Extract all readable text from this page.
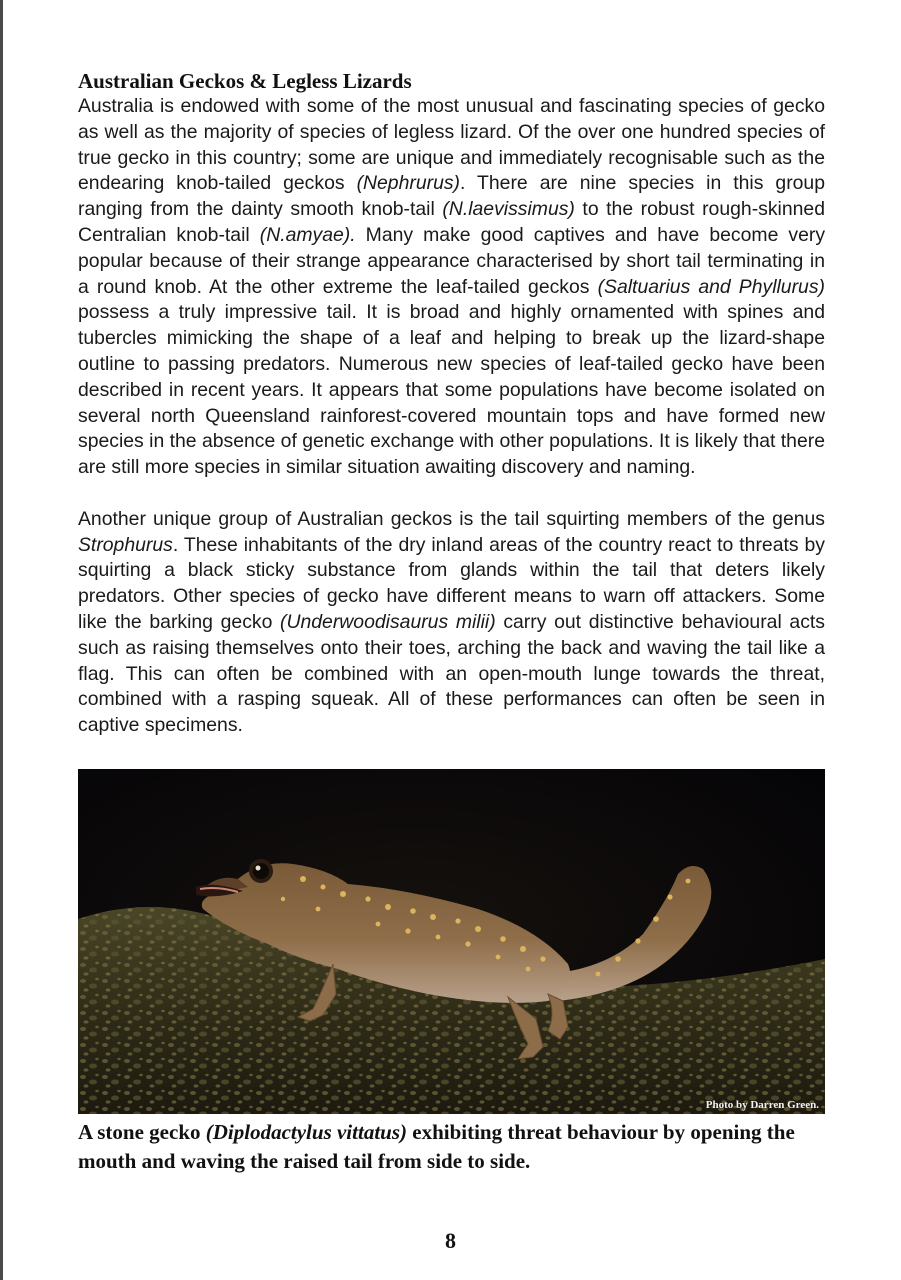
Australian Geckos & Legless Lizards

Australia is endowed with some of the most unusual and fascinating species of gecko as well as the majority of species of legless lizard. Of the over one hundred species of true gecko in this country; some are unique and immediately recognisable such as the endearing knob-tailed geckos (Nephrurus). There are nine species in this group ranging from the dainty smooth knob-tail (N.laevissimus) to the robust rough-skinned Centralian knob-tail (N.amyae). Many make good captives and have become very popular because of their strange appearance characterised by short tail terminating in a round knob. At the other extreme the leaf-tailed geckos (Saltuarius and Phyllurus) possess a truly impressive tail. It is broad and highly ornamented with spines and tubercles mimicking the shape of a leaf and helping to break up the lizard-shape outline to passing predators. Numerous new species of leaf-tailed gecko have been described in recent years. It appears that some populations have become isolated on several north Queensland rainforest-covered mountain tops and have formed new species in the absence of genetic exchange with other populations. It is likely that there are still more species in similar situation awaiting discovery and naming.

Another unique group of Australian geckos is the tail squirting members of the genus Strophurus. These inhabitants of the dry inland areas of the country react to threats by squirting a black sticky substance from glands within the tail that deters likely predators. Other species of gecko have different means to warn off attackers. Some like the barking gecko (Underwoodisaurus milii) carry out distinctive behavioural acts such as raising themselves onto their toes, arching the back and waving the tail like a flag. This can often be combined with an open-mouth lunge towards the threat, combined with a rasping squeak. All of these performances can often be seen in captive specimens.

Photo by Darren Green.

A stone gecko (Diplodactylus vittatus) exhibiting threat behaviour by opening the mouth and waving the raised tail from side to side.

8
